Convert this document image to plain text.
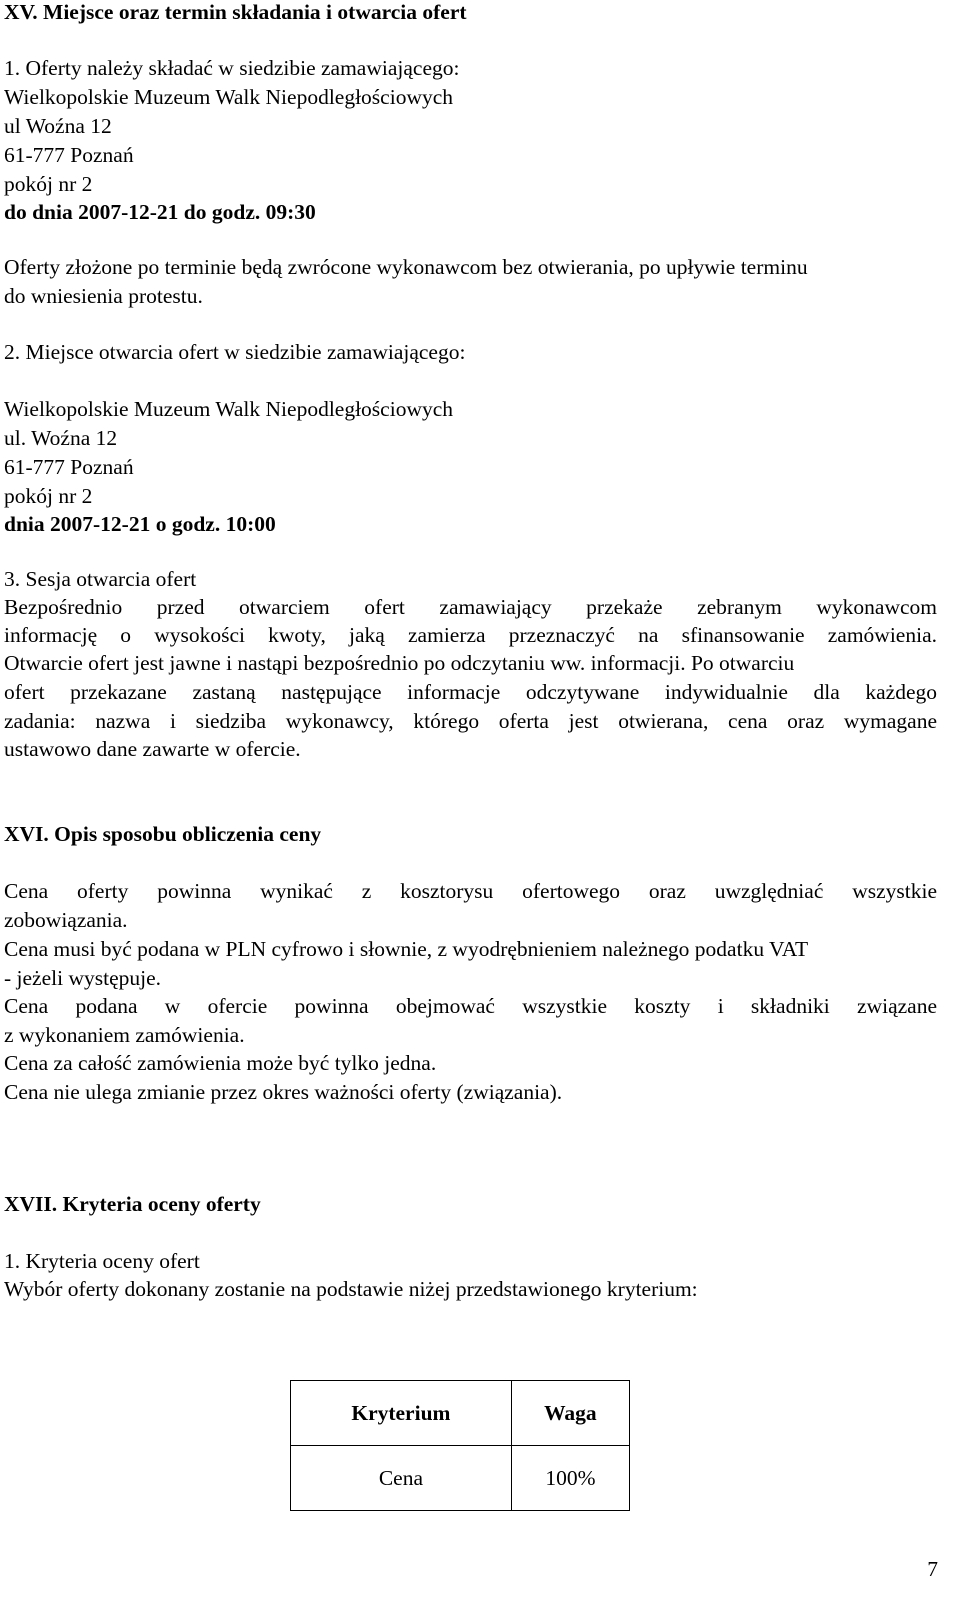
XV. Miejsce oraz termin składania i otwarcia ofert
1. Oferty należy składać w siedzibie zamawiającego:
Wielkopolskie Muzeum Walk Niepodległościowych
ul Woźna 12
61-777 Poznań
pokój nr 2
do dnia 2007-12-21 do godz. 09:30
Oferty złożone po terminie będą zwrócone wykonawcom bez otwierania, po upływie terminu
do wniesienia protestu.
2. Miejsce otwarcia ofert w siedzibie zamawiającego:
Wielkopolskie Muzeum Walk Niepodległościowych
ul. Woźna 12
61-777 Poznań
pokój nr 2
dnia 2007-12-21 o godz. 10:00
3. Sesja otwarcia ofert
Bezpośrednio przed otwarciem ofert zamawiający przekaże zebranym wykonawcom
informację o wysokości kwoty, jaką zamierza przeznaczyć na sfinansowanie zamówienia.
Otwarcie ofert jest jawne i nastąpi bezpośrednio po odczytaniu ww. informacji. Po otwarciu
ofert przekazane zastaną następujące informacje odczytywane indywidualnie dla każdego
zadania: nazwa i siedziba wykonawcy, którego oferta jest otwierana, cena oraz wymagane
ustawowo dane zawarte w ofercie.
XVI. Opis sposobu obliczenia ceny
Cena oferty powinna wynikać z kosztorysu ofertowego oraz uwzględniać wszystkie
zobowiązania.
Cena musi być podana w PLN cyfrowo i słownie, z wyodrębnieniem należnego podatku VAT
- jeżeli występuje.
Cena podana w ofercie powinna obejmować wszystkie koszty i składniki związane
z wykonaniem zamówienia.
Cena za całość zamówienia może być tylko jedna.
Cena nie ulega zmianie przez okres ważności oferty (związania).
XVII. Kryteria oceny oferty
1. Kryteria oceny ofert
Wybór oferty dokonany zostanie na podstawie niżej przedstawionego kryterium:
Kryterium	Waga
Cena	100%
7
